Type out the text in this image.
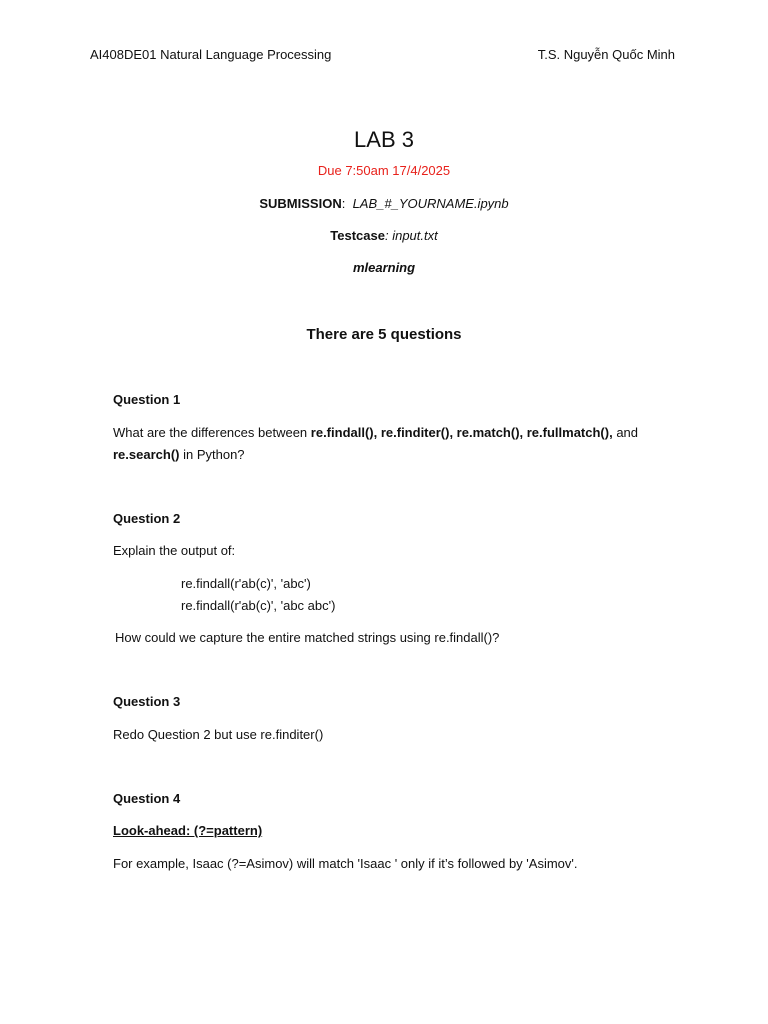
AI408DE01 Natural Language Processing	T.S. Nguyễn Quốc Minh
LAB 3
Due 7:50am 17/4/2025
SUBMISSION: LAB_#_YOURNAME.ipynb
Testcase: input.txt
mlearning
There are 5 questions
Question 1
What are the differences between re.findall(), re.finditer(), re.match(), re.fullmatch(), and
re.search() in Python?
Question 2
Explain the output of:
re.findall(r'ab(c)', 'abc')
re.findall(r'ab(c)', 'abc abc')
How could we capture the entire matched strings using re.findall()?
Question 3
Redo Question 2 but use re.finditer()
Question 4
Look-ahead: (?=pattern)
For example, Isaac (?=Asimov) will match 'Isaac ' only if it’s followed by 'Asimov'.
